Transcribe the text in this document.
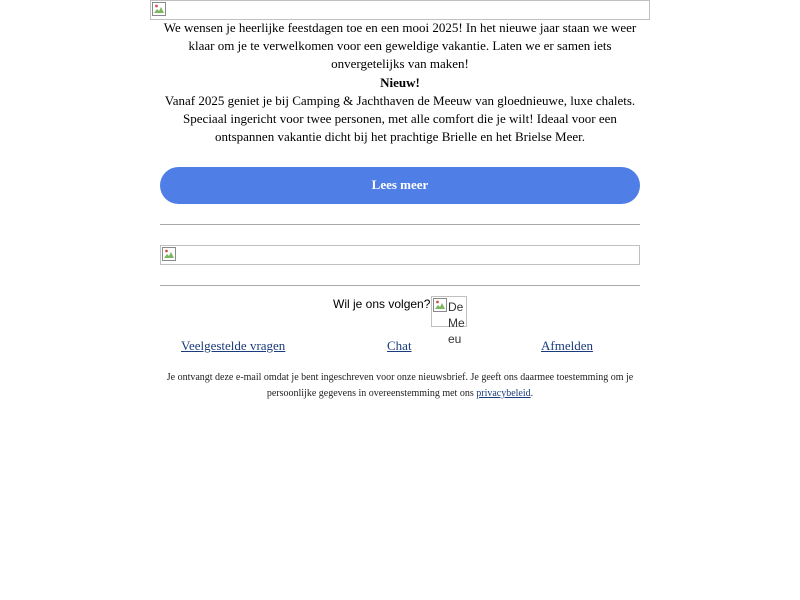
We wensen je heerlijke feestdagen toe en een mooi 2025! In het nieuwe jaar staan we weer klaar om je te verwelkomen voor een geweldige vakantie. Laten we er samen iets onvergetelijks van maken!
Nieuw!
Vanaf 2025 geniet je bij Camping & Jachthaven de Meeuw van gloednieuwe, luxe chalets. Speciaal ingericht voor twee personen, met alle comfort die je wilt! Ideaal voor een ontspannen vakantie dicht bij het prachtige Brielle en het Brielse Meer.
Lees meer
Wil je ons volgen? De Meeu
Veelgestelde vragen	Chat	Afmelden
Je ontvangt deze e-mail omdat je bent ingeschreven voor onze nieuwsbrief. Je geeft ons daarmee toestemming om je persoonlijke gegevens in overeenstemming met ons privacybeleid.
